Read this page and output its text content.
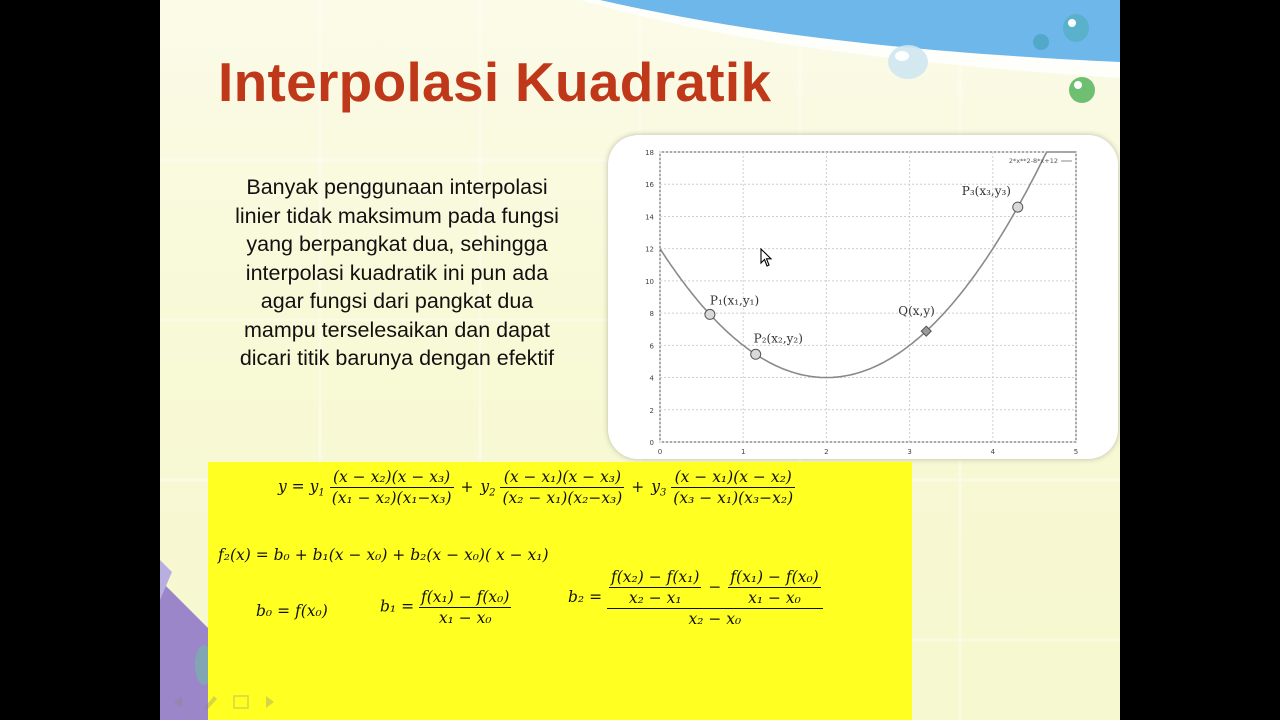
Interpolasi Kuadratik
Banyak penggunaan interpolasi
linier tidak maksimum pada fungsi
yang berpangkat dua, sehingga
interpolasi kuadratik ini pun ada
agar fungsi dari pangkat dua
mampu terselesaikan dan dapat
dicari titik barunya dengan efektif
0	1	2	3	4	5
0
2
4
6
8
10
12
14
16
18
2*x**2-8*x+12
P₁(x₁,y₁)
P₂(x₂,y₂)
Q(x,y)
P₃(x₃,y₃)
$y = y_1 \frac{\text{(x − x₂)(x − x₃)}}{\text{(x₁ − x₂)(x₁−x₃)}} + y_2 \frac{\text{(x − x₁)(x − x₃)}}{\text{(x₂ − x₁)(x₂−x₃)}} + y_3 \frac{\text{(x − x₁)(x − x₂)}}{\text{(x₃ − x₁)(x₃−x₂)}}$
f₂(x) = b₀ + b₁(x − x₀) + b₂(x − x₀)( x − x₁)
b₀ = f(x₀)	$b_1 = \frac{\text{f(x₁) − f(x₀)}}{\text{x₁ − x₀}}$	$b_2 = \frac{\text{f(x₂) − f(x₁)}}{\text{x₂ − x₁}} - \frac{\text{f(x₁) − f(x₀)}}{\text{x₁ − x₀}}$
x₂ − x₀
